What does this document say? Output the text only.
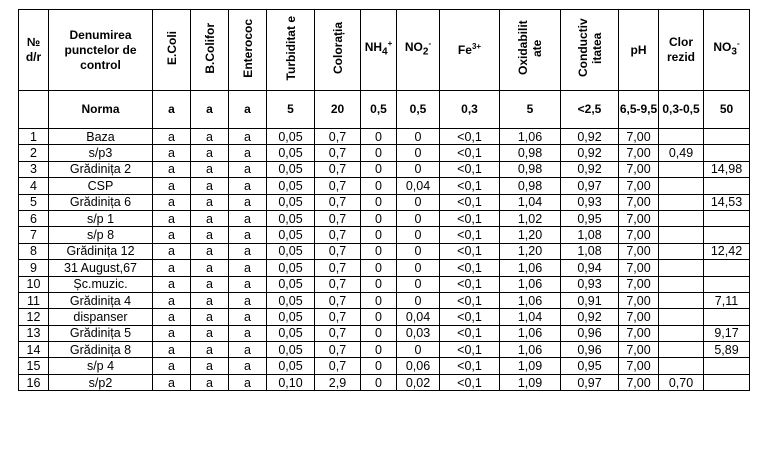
№ d/r	Denumirea punctelor de control	E.Coli	B.Colifor	Enterococ	Turbiditat e	Colorația	$NH_4^+$	$NO_2^-$	$Fe^{3+}$	Oxidabilit ate	Conductiv itatea	pH	Clor rezid	$NO_3^-$
	Norma	a	a	a	5	20	0,5	0,5	0,3	5	<2,5	6,5-9,5	0,3-0,5	50
1	Baza	a	a	a	0,05	0,7	0	0	<0,1	1,06	0,92	7,00		
2	s/p3	a	a	a	0,05	0,7	0	0	<0,1	0,98	0,92	7,00	0,49	
3	Grădinița 2	a	a	a	0,05	0,7	0	0	<0,1	0,98	0,92	7,00		14,98
4	CSP	a	a	a	0,05	0,7	0	0,04	<0,1	0,98	0,97	7,00		
5	Grădinița 6	a	a	a	0,05	0,7	0	0	<0,1	1,04	0,93	7,00		14,53
6	s/p 1	a	a	a	0,05	0,7	0	0	<0,1	1,02	0,95	7,00		
7	s/p 8	a	a	a	0,05	0,7	0	0	<0,1	1,20	1,08	7,00		
8	Grădinița 12	a	a	a	0,05	0,7	0	0	<0,1	1,20	1,08	7,00		12,42
9	31 August,67	a	a	a	0,05	0,7	0	0	<0,1	1,06	0,94	7,00		
10	Șc.muzic.	a	a	a	0,05	0,7	0	0	<0,1	1,06	0,93	7,00		
11	Grădinița 4	a	a	a	0,05	0,7	0	0	<0,1	1,06	0,91	7,00		7,11
12	dispanser	a	a	a	0,05	0,7	0	0,04	<0,1	1,04	0,92	7,00		
13	Grădinița 5	a	a	a	0,05	0,7	0	0,03	<0,1	1,06	0,96	7,00		9,17
14	Grădinița 8	a	a	a	0,05	0,7	0	0	<0,1	1,06	0,96	7,00		5,89
15	s/p 4	a	a	a	0,05	0,7	0	0,06	<0,1	1,09	0,95	7,00		
16	s/p2	a	a	a	0,10	2,9	0	0,02	<0,1	1,09	0,97	7,00	0,70	
